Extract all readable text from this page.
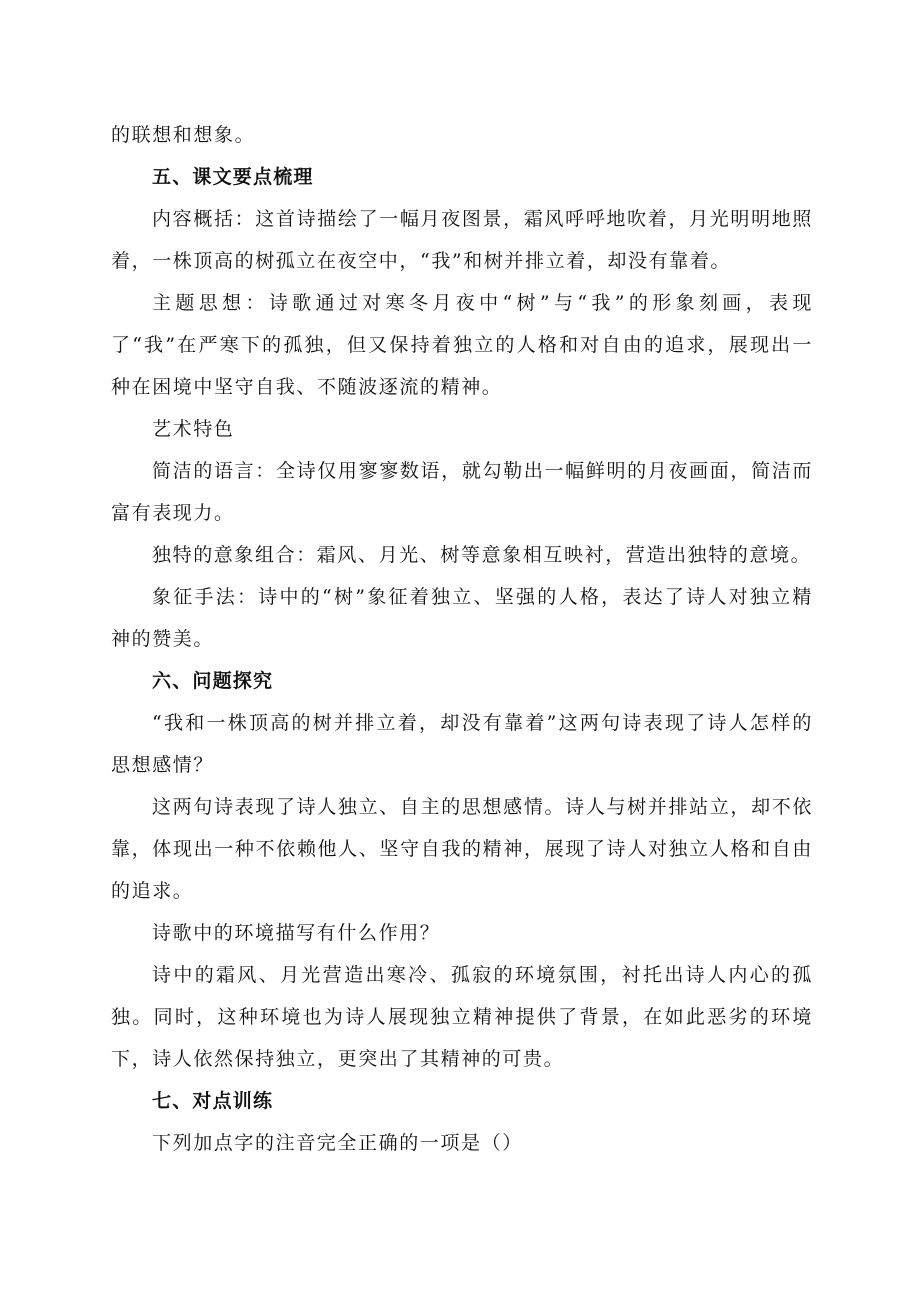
的联想和想象。

五、课文要点梳理

内容概括：这首诗描绘了一幅月夜图景，霜风呼呼地吹着，月光明明地照着，一株顶高的树孤立在夜空中，“我”和树并排立着，却没有靠着。

主题思想：诗歌通过对寒冬月夜中“树”与“我”的形象刻画，表现了“我”在严寒下的孤独，但又保持着独立的人格和对自由的追求，展现出一种在困境中坚守自我、不随波逐流的精神。

艺术特色

简洁的语言：全诗仅用寥寥数语，就勾勒出一幅鲜明的月夜画面，简洁而富有表现力。

独特的意象组合：霜风、月光、树等意象相互映衬，营造出独特的意境。

象征手法：诗中的“树”象征着独立、坚强的人格，表达了诗人对独立精神的赞美。

六、问题探究

“我和一株顶高的树并排立着，却没有靠着”这两句诗表现了诗人怎样的思想感情？

这两句诗表现了诗人独立、自主的思想感情。诗人与树并排站立，却不依靠，体现出一种不依赖他人、坚守自我的精神，展现了诗人对独立人格和自由的追求。

诗歌中的环境描写有什么作用？

诗中的霜风、月光营造出寒冷、孤寂的环境氛围，衬托出诗人内心的孤独。同时，这种环境也为诗人展现独立精神提供了背景，在如此恶劣的环境下，诗人依然保持独立，更突出了其精神的可贵。

七、对点训练

下列加点字的注音完全正确的一项是（）
